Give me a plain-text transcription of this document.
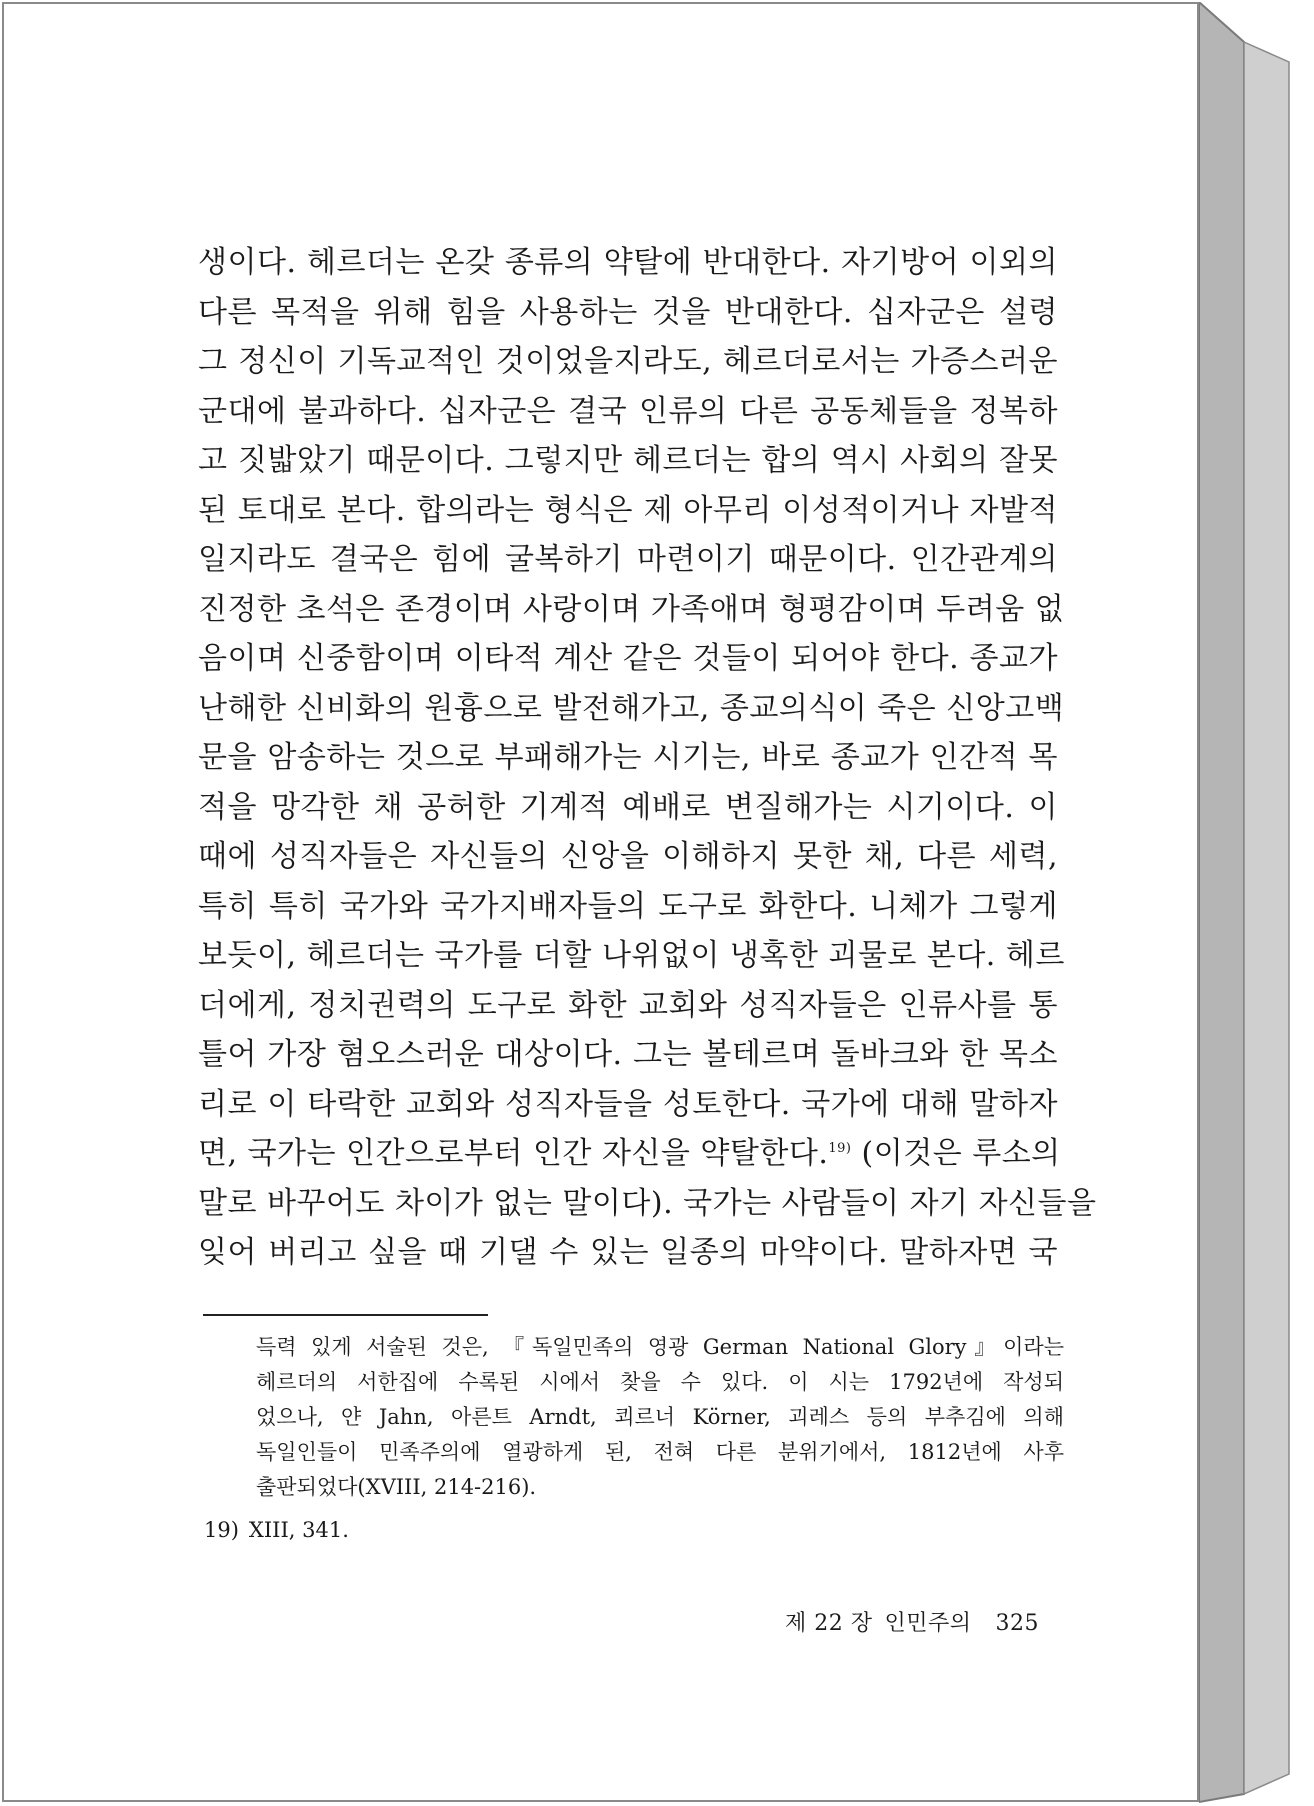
생이다. 헤르더는 온갖 종류의 약탈에 반대한다. 자기방어 이외의
다른 목적을 위해 힘을 사용하는 것을 반대한다. 십자군은 설령
그 정신이 기독교적인 것이었을지라도, 헤르더로서는 가증스러운
군대에 불과하다. 십자군은 결국 인류의 다른 공동체들을 정복하
고 짓밟았기 때문이다. 그렇지만 헤르더는 합의 역시 사회의 잘못
된 토대로 본다. 합의라는 형식은 제 아무리 이성적이거나 자발적
일지라도 결국은 힘에 굴복하기 마련이기 때문이다. 인간관계의
진정한 초석은 존경이며 사랑이며 가족애며 형평감이며 두려움 없
음이며 신중함이며 이타적 계산 같은 것들이 되어야 한다. 종교가
난해한 신비화의 원흉으로 발전해가고, 종교의식이 죽은 신앙고백
문을 암송하는 것으로 부패해가는 시기는, 바로 종교가 인간적 목
적을 망각한 채 공허한 기계적 예배로 변질해가는 시기이다. 이
때에 성직자들은 자신들의 신앙을 이해하지 못한 채, 다른 세력,
특히 특히 국가와 국가지배자들의 도구로 화한다. 니체가 그렇게
보듯이, 헤르더는 국가를 더할 나위없이 냉혹한 괴물로 본다. 헤르
더에게, 정치권력의 도구로 화한 교회와 성직자들은 인류사를 통
틀어 가장 혐오스러운 대상이다. 그는 볼테르며 돌바크와 한 목소
리로 이 타락한 교회와 성직자들을 성토한다. 국가에 대해 말하자
면, 국가는 인간으로부터 인간 자신을 약탈한다.$^{19)}$ (이것은 루소의
말로 바꾸어도 차이가 없는 말이다). 국가는 사람들이 자기 자신들을
잊어 버리고 싶을 때 기댈 수 있는 일종의 마약이다. 말하자면 국
득력 있게 서술된 것은, 『독일민족의 영광 German National Glory』이라는
헤르더의 서한집에 수록된 시에서 찾을 수 있다. 이 시는 1792년에 작성되
었으나, 얀 Jahn, 아른트 Arndt, 쾨르너 Körner, 괴레스 등의 부추김에 의해
독일인들이 민족주의에 열광하게 된, 전혀 다른 분위기에서, 1812년에 사후
출판되었다(XVIII, 214-216).
19) XIII, 341.
제 22 장 인민주의 325
